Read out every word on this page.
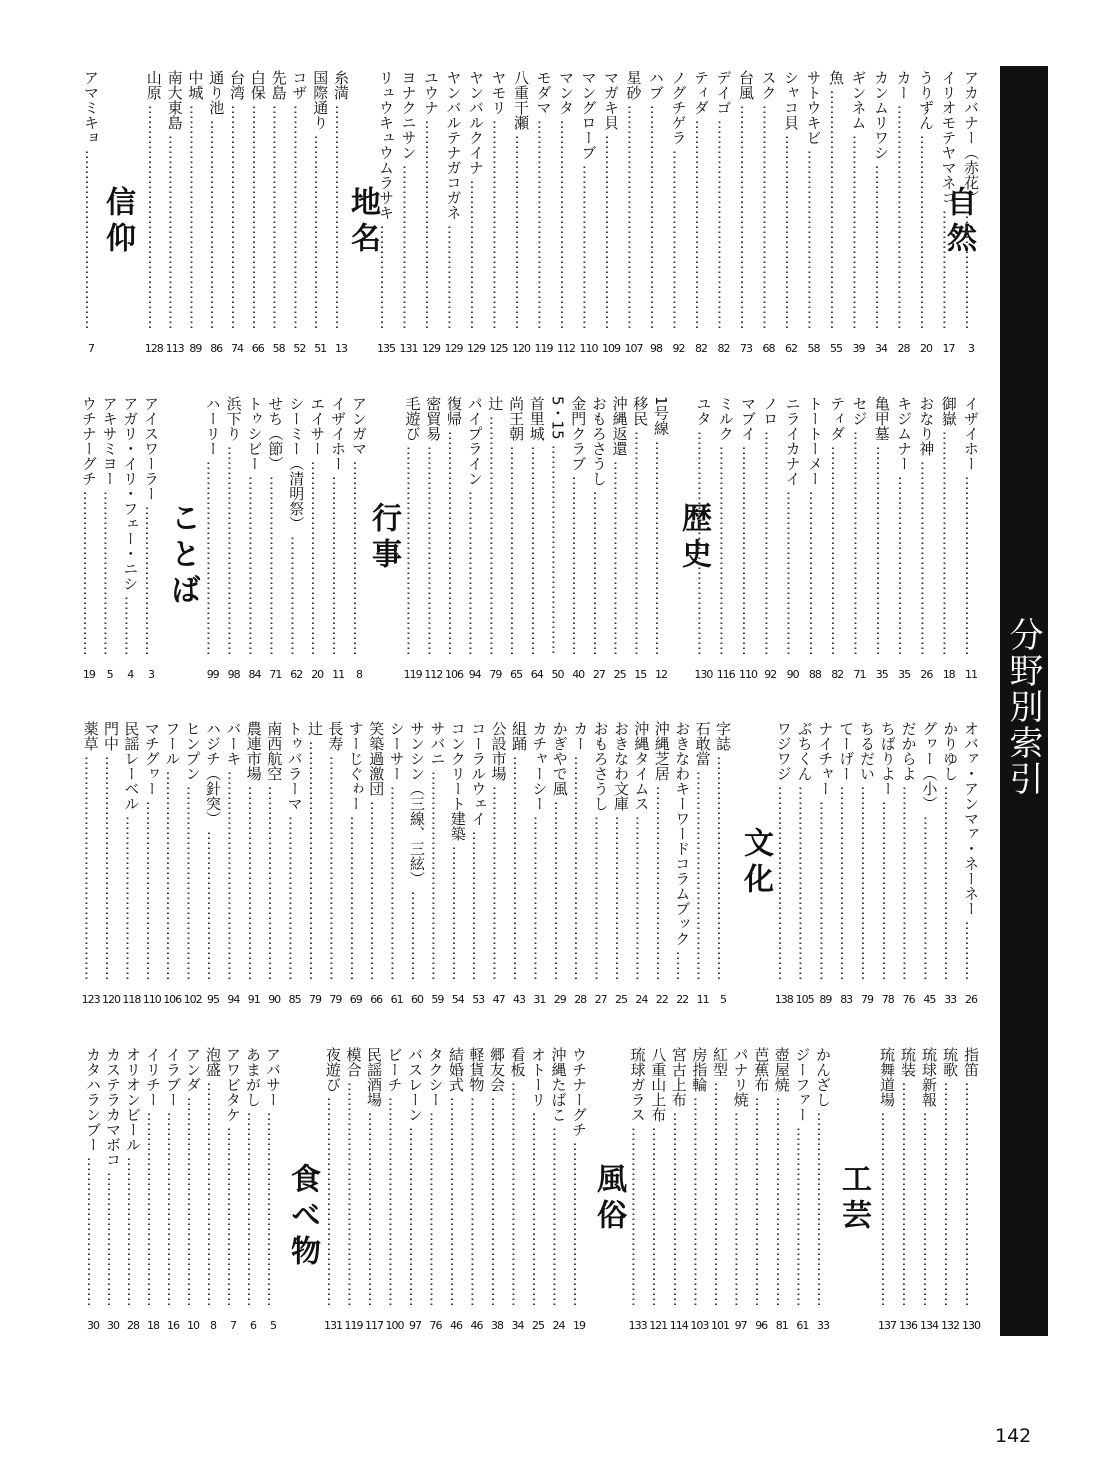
分野別索引
自然
アカバナー（赤花） ……………………………………………………………………………………………………
3
イリオモテヤマネコ ……………………………………………………………………………………………………
17
うりずん ……………………………………………………………………………………………………
20
カー ……………………………………………………………………………………………………
28
カンムリワシ ……………………………………………………………………………………………………
34
ギンネム ……………………………………………………………………………………………………
39
魚 ……………………………………………………………………………………………………
55
サトウキビ ……………………………………………………………………………………………………
58
シャコ貝 ……………………………………………………………………………………………………
62
スク ……………………………………………………………………………………………………
68
台風 ……………………………………………………………………………………………………
73
デイゴ ……………………………………………………………………………………………………
82
ティダ ……………………………………………………………………………………………………
82
ノグチゲラ ……………………………………………………………………………………………………
92
ハブ ……………………………………………………………………………………………………
98
星砂 ……………………………………………………………………………………………………
107
マガキ貝 ……………………………………………………………………………………………………
109
マングローブ ……………………………………………………………………………………………………
110
マンタ ……………………………………………………………………………………………………
112
モダマ ……………………………………………………………………………………………………
119
八重干瀬 ……………………………………………………………………………………………………
120
ヤモリ ……………………………………………………………………………………………………
125
ヤンバルクイナ ……………………………………………………………………………………………………
129
ヤンバルテナガコガネ ……………………………………………………………………………………………………
129
ユウナ ……………………………………………………………………………………………………
129
ヨナクニサン ……………………………………………………………………………………………………
131
リュウキュウムラサキ ……………………………………………………………………………………………………
135
地名
糸満 ……………………………………………………………………………………………………
13
国際通り ……………………………………………………………………………………………………
51
コザ ……………………………………………………………………………………………………
52
先島 ……………………………………………………………………………………………………
58
白保 ……………………………………………………………………………………………………
66
台湾 ……………………………………………………………………………………………………
74
通り池 ……………………………………………………………………………………………………
86
中城 ……………………………………………………………………………………………………
89
南大東島 ……………………………………………………………………………………………………
113
山原 ……………………………………………………………………………………………………
128
信仰
アマミキョ ……………………………………………………………………………………………………
7
歴史
イザイホー ……………………………………………………………………………………………………
11
御嶽 ……………………………………………………………………………………………………
18
おなり神 ……………………………………………………………………………………………………
26
キジムナー ……………………………………………………………………………………………………
35
亀甲墓 ……………………………………………………………………………………………………
35
セジ ……………………………………………………………………………………………………
71
ティダ ……………………………………………………………………………………………………
82
トートーメー ……………………………………………………………………………………………………
88
ニライカナイ ……………………………………………………………………………………………………
90
ノロ ……………………………………………………………………………………………………
92
マブイ ……………………………………………………………………………………………………
110
ミルク ……………………………………………………………………………………………………
116
ユタ ……………………………………………………………………………………………………
130
1号線 ……………………………………………………………………………………………………
12
移民 ……………………………………………………………………………………………………
15
沖縄返還 ……………………………………………………………………………………………………
25
おもろさうし ……………………………………………………………………………………………………
27
金門クラブ ……………………………………………………………………………………………………
40
5・15 ……………………………………………………………………………………………………
50
首里城 ……………………………………………………………………………………………………
64
尚王朝 ……………………………………………………………………………………………………
65
辻 ……………………………………………………………………………………………………
79
パイプライン ……………………………………………………………………………………………………
94
復帰 ……………………………………………………………………………………………………
106
密貿易 ……………………………………………………………………………………………………
112
毛遊び ……………………………………………………………………………………………………
119
行事
アンガマ ……………………………………………………………………………………………………
8
イザイホー ……………………………………………………………………………………………………
11
エイサー ……………………………………………………………………………………………………
20
シーミー（清明祭） ……………………………………………………………………………………………………
62
せち（節） ……………………………………………………………………………………………………
71
トゥシビー ……………………………………………………………………………………………………
84
浜下り ……………………………………………………………………………………………………
98
ハーリー ……………………………………………………………………………………………………
99
ことば
アイスワーラー ……………………………………………………………………………………………………
3
アガリ・イリ・フェー・ニシ ……………………………………………………………………………………………………
4
アキサミヨー ……………………………………………………………………………………………………
5
ウチナーグチ ……………………………………………………………………………………………………
19
文化	オバァ・アンマァ・ネーネー ……………………………………………………………………………………………………
26
かりゆし ……………………………………………………………………………………………………
33
グヮー（小） ……………………………………………………………………………………………………
45
だからよ ……………………………………………………………………………………………………
76
ちばりよー ……………………………………………………………………………………………………
78
ちるだい ……………………………………………………………………………………………………
79
てーげー ……………………………………………………………………………………………………
83
ナイチャー ……………………………………………………………………………………………………
89
ぶちくん ……………………………………………………………………………………………………
105
ワジワジ ……………………………………………………………………………………………………
138
字誌 ……………………………………………………………………………………………………
5
石敢當 ……………………………………………………………………………………………………
11
おきなわキーワードコラムブック ……………………………………………………………………………………………………
22
沖縄芝居 ……………………………………………………………………………………………………
22
沖縄タイムス ……………………………………………………………………………………………………
24
おきなわ文庫 ……………………………………………………………………………………………………
25
おもろさうし ……………………………………………………………………………………………………
27
カー ……………………………………………………………………………………………………
28
かぎやで風 ……………………………………………………………………………………………………
29
カチャーシー ……………………………………………………………………………………………………
31
組踊 ……………………………………………………………………………………………………
43
公設市場 ……………………………………………………………………………………………………
47
コーラルウェイ ……………………………………………………………………………………………………
53
コンクリート建築 ……………………………………………………………………………………………………
54
サバニ ……………………………………………………………………………………………………
59
サンシン（三線、三絃） ……………………………………………………………………………………………………
60
シーサー ……………………………………………………………………………………………………
61
笑築過激団 ……………………………………………………………………………………………………
66
すーじぐゎー ……………………………………………………………………………………………………
69
長寿 ……………………………………………………………………………………………………
79
辻 ……………………………………………………………………………………………………
79
トゥバラーマ ……………………………………………………………………………………………………
85
南西航空 ……………………………………………………………………………………………………
90
農連市場 ……………………………………………………………………………………………………
91
バーキ ……………………………………………………………………………………………………
94
ハジチ（針突） ……………………………………………………………………………………………………
95
ヒンプン ……………………………………………………………………………………………………
102
フール ……………………………………………………………………………………………………
106
マチグヮー ……………………………………………………………………………………………………
110
民謡レーベル ……………………………………………………………………………………………………
118
門中 ……………………………………………………………………………………………………
120
薬草 ……………………………………………………………………………………………………
123
工芸
指笛 ……………………………………………………………………………………………………
130
琉歌 ……………………………………………………………………………………………………
132
琉球新報 ……………………………………………………………………………………………………
134
琉装 ……………………………………………………………………………………………………
136
琉舞道場 ……………………………………………………………………………………………………
137
かんざし ……………………………………………………………………………………………………
33
ジーファー ……………………………………………………………………………………………………
61
壺屋焼 ……………………………………………………………………………………………………
81
芭蕉布 ……………………………………………………………………………………………………
96
パナリ焼 ……………………………………………………………………………………………………
97
紅型 ……………………………………………………………………………………………………
101
房指輪 ……………………………………………………………………………………………………
103
宮古上布 ……………………………………………………………………………………………………
114
八重山上布 ……………………………………………………………………………………………………
121
琉球ガラス ……………………………………………………………………………………………………
133
風俗
ウチナーグチ ……………………………………………………………………………………………………
19
沖縄たばこ ……………………………………………………………………………………………………
24
オトーリ ……………………………………………………………………………………………………
25
看板 ……………………………………………………………………………………………………
34
郷友会 ……………………………………………………………………………………………………
38
軽貨物 ……………………………………………………………………………………………………
46
結婚式 ……………………………………………………………………………………………………
46
タクシー ……………………………………………………………………………………………………
76
バスレーン ……………………………………………………………………………………………………
97
ビーチ ……………………………………………………………………………………………………
100
民謡酒場 ……………………………………………………………………………………………………
117
模合 ……………………………………………………………………………………………………
119
夜遊び ……………………………………………………………………………………………………
131
食べ物
アバサー ……………………………………………………………………………………………………
5
あまがし ……………………………………………………………………………………………………
6
アワビタケ ……………………………………………………………………………………………………
7
泡盛 ……………………………………………………………………………………………………
8
アンダ ……………………………………………………………………………………………………
10
イラブー ……………………………………………………………………………………………………
16
イリチー ……………………………………………………………………………………………………
18
オリオンビール ……………………………………………………………………………………………………
28
カステラカマボコ ……………………………………………………………………………………………………
30
カタハランブー ……………………………………………………………………………………………………
30
142
